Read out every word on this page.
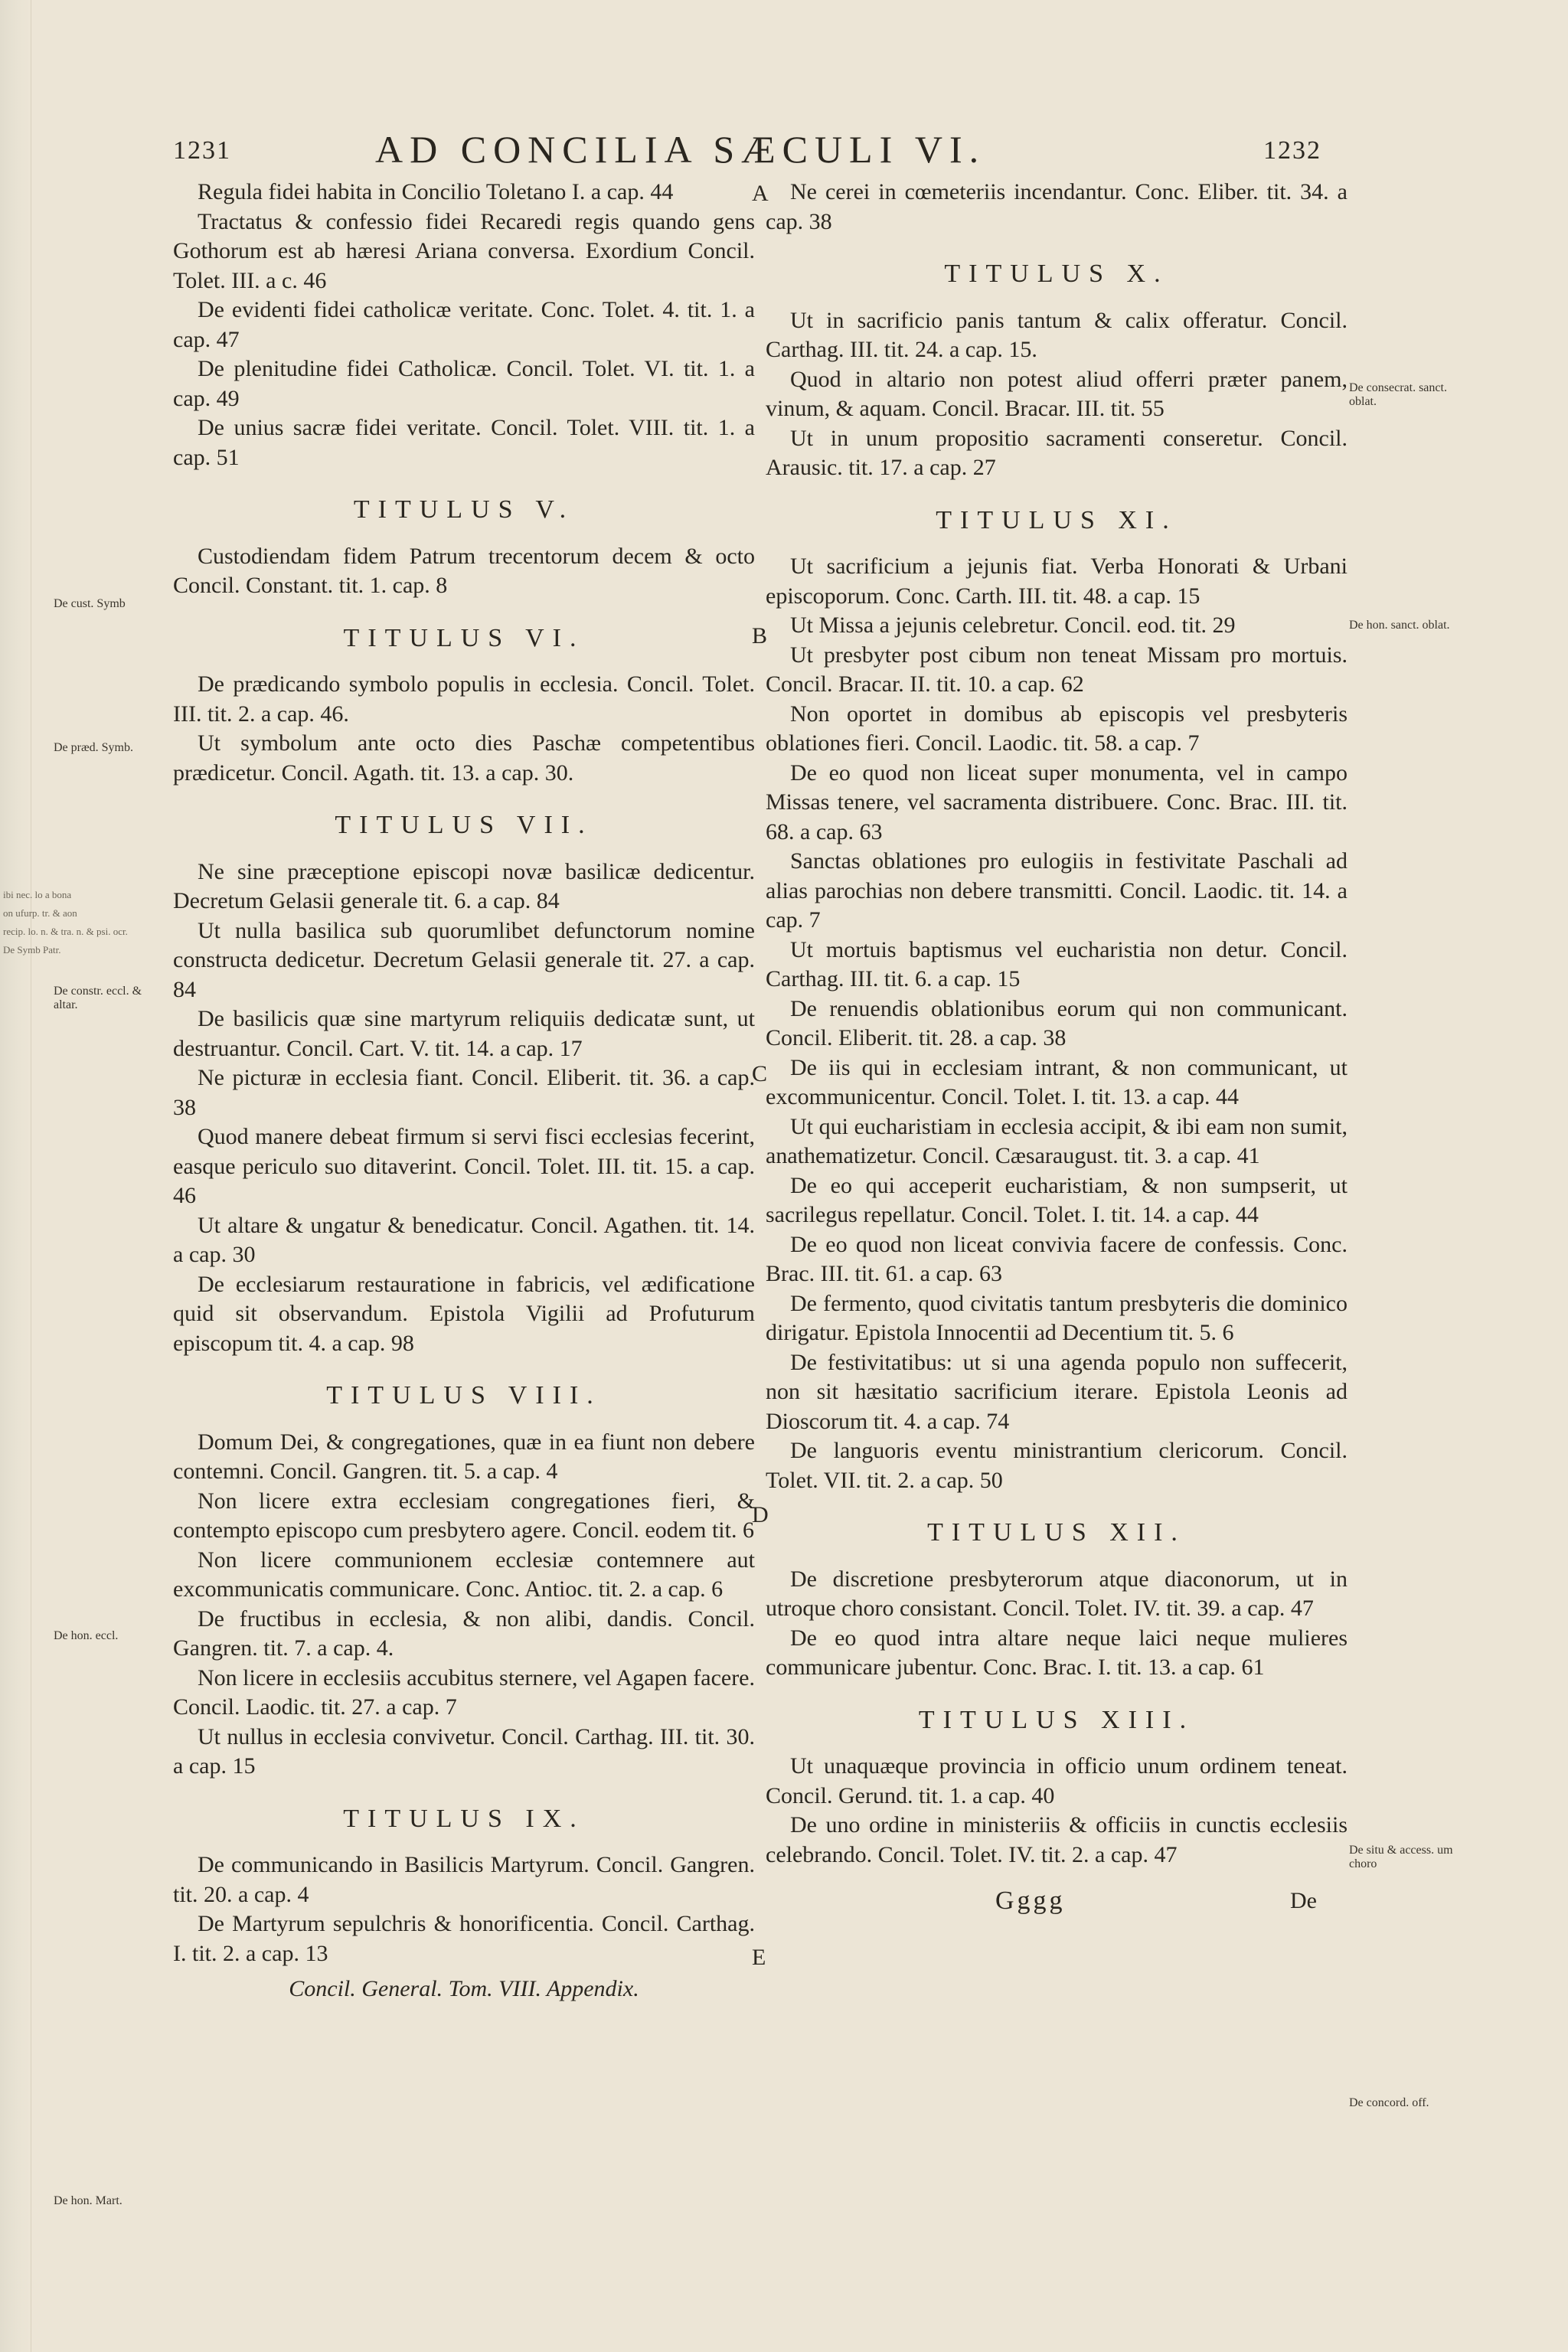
ibi nec. lo a bona
on ufurp. tr. & aon
recip. lo. n. & tra. n. & psi. ocr.
De Symb Patr.
1231	AD CONCILIA SÆCULI VI.	1232

Regula fidei habita in Concilio Toletano I. a cap. 44

Tractatus & confessio fidei Recaredi regis quando gens Gothorum est ab hæresi Ariana conversa. Exordium Concil. Tolet. III. a c. 46

De evidenti fidei catholicæ veritate. Conc. Tolet. 4. tit. 1. a cap. 47

De plenitudine fidei Catholicæ. Concil. Tolet. VI. tit. 1. a cap. 49

De unius sacræ fidei veritate. Concil. Tolet. VIII. tit. 1. a cap. 51

TITULUS V.

Custodiendam fidem Patrum trecentorum decem & octo Concil. Constant. tit. 1. cap. 8

TITULUS VI.

De prædicando symbolo populis in ecclesia. Concil. Tolet. III. tit. 2. a cap. 46.

Ut symbolum ante octo dies Paschæ competentibus prædicetur. Concil. Agath. tit. 13. a cap. 30.

TITULUS VII.

Ne sine præceptione episcopi novæ basilicæ dedicentur. Decretum Gelasii generale tit. 6. a cap. 84

Ut nulla basilica sub quorumlibet defunctorum nomine constructa dedicetur. Decretum Gelasii generale tit. 27. a cap. 84

De basilicis quæ sine martyrum reliquiis dedicatæ sunt, ut destruantur. Concil. Cart. V. tit. 14. a cap. 17

Ne picturæ in ecclesia fiant. Concil. Eliberit. tit. 36. a cap. 38

Quod manere debeat firmum si servi fisci ecclesias fecerint, easque periculo suo ditaverint. Concil. Tolet. III. tit. 15. a cap. 46

Ut altare & ungatur & benedicatur. Concil. Agathen. tit. 14. a cap. 30

De ecclesiarum restauratione in fabricis, vel ædificatione quid sit observandum. Epistola Vigilii ad Profuturum episcopum tit. 4. a cap. 98

TITULUS VIII.

Domum Dei, & congregationes, quæ in ea fiunt non debere contemni. Concil. Gangren. tit. 5. a cap. 4

Non licere extra ecclesiam congregationes fieri, & contempto episcopo cum presbytero agere. Concil. eodem tit. 6

Non licere communionem ecclesiæ contemnere aut excommunicatis communicare. Conc. Antioc. tit. 2. a cap. 6

De fructibus in ecclesia, & non alibi, dandis. Concil. Gangren. tit. 7. a cap. 4.

Non licere in ecclesiis accubitus sternere, vel Agapen facere. Concil. Laodic. tit. 27. a cap. 7

Ut nullus in ecclesia convivetur. Concil. Carthag. III. tit. 30. a cap. 15

TITULUS IX.

De communicando in Basilicis Martyrum. Concil. Gangren. tit. 20. a cap. 4

De Martyrum sepulchris & honorificentia. Concil. Carthag. I. tit. 2. a cap. 13

Concil. General. Tom. VIII. Appendix.

Ne cerei in cœmeteriis incendantur. Conc. Eliber. tit. 34. a cap. 38

TITULUS X.

Ut in sacrificio panis tantum & calix offeratur. Concil. Carthag. III. tit. 24. a cap. 15.

Quod in altario non potest aliud offerri præter panem, vinum, & aquam. Concil. Bracar. III. tit. 55

Ut in unum propositio sacramenti conseretur. Concil. Arausic. tit. 17. a cap. 27

TITULUS XI.

Ut sacrificium a jejunis fiat. Verba Honorati & Urbani episcoporum. Conc. Carth. III. tit. 48. a cap. 15

Ut Missa a jejunis celebretur. Concil. eod. tit. 29

Ut presbyter post cibum non teneat Missam pro mortuis. Concil. Bracar. II. tit. 10. a cap. 62

Non oportet in domibus ab episcopis vel presbyteris oblationes fieri. Concil. Laodic. tit. 58. a cap. 7

De eo quod non liceat super monumenta, vel in campo Missas tenere, vel sacramenta distribuere. Conc. Brac. III. tit. 68. a cap. 63

Sanctas oblationes pro eulogiis in festivitate Paschali ad alias parochias non debere transmitti. Concil. Laodic. tit. 14. a cap. 7

Ut mortuis baptismus vel eucharistia non detur. Concil. Carthag. III. tit. 6. a cap. 15

De renuendis oblationibus eorum qui non communicant. Concil. Eliberit. tit. 28. a cap. 38

De iis qui in ecclesiam intrant, & non communicant, ut excommunicentur. Concil. Tolet. I. tit. 13. a cap. 44

Ut qui eucharistiam in ecclesia accipit, & ibi eam non sumit, anathematizetur. Concil. Cæsaraugust. tit. 3. a cap. 41

De eo qui acceperit eucharistiam, & non sumpserit, ut sacrilegus repellatur. Concil. Tolet. I. tit. 14. a cap. 44

De eo quod non liceat convivia facere de confessis. Conc. Brac. III. tit. 61. a cap. 63

De fermento, quod civitatis tantum presbyteris die dominico dirigatur. Epistola Innocentii ad Decentium tit. 5. 6

De festivitatibus: ut si una agenda populo non suffecerit, non sit hæsitatio sacrificium iterare. Epistola Leonis ad Dioscorum tit. 4. a cap. 74

De languoris eventu ministrantium clericorum. Concil. Tolet. VII. tit. 2. a cap. 50

TITULUS XII.

De discretione presbyterorum atque diaconorum, ut in utroque choro consistant. Concil. Tolet. IV. tit. 39. a cap. 47

De eo quod intra altare neque laici neque mulieres communicare jubentur. Conc. Brac. I. tit. 13. a cap. 61

TITULUS XIII.

Ut unaquæque provincia in officio unum ordinem teneat. Concil. Gerund. tit. 1. a cap. 40

De uno ordine in ministeriis & officiis in cunctis ecclesiis celebrando. Concil. Tolet. IV. tit. 2. a cap. 47

Gggg	De
De cust. Symb
De præd. Symb.
De constr. eccl. & altar.
De hon. eccl.
De hon. Mart.
De consecrat. sanct. oblat.
De hon. sanct. oblat.
De situ & access. um choro
De concord. off.
A
B
C
D
E
